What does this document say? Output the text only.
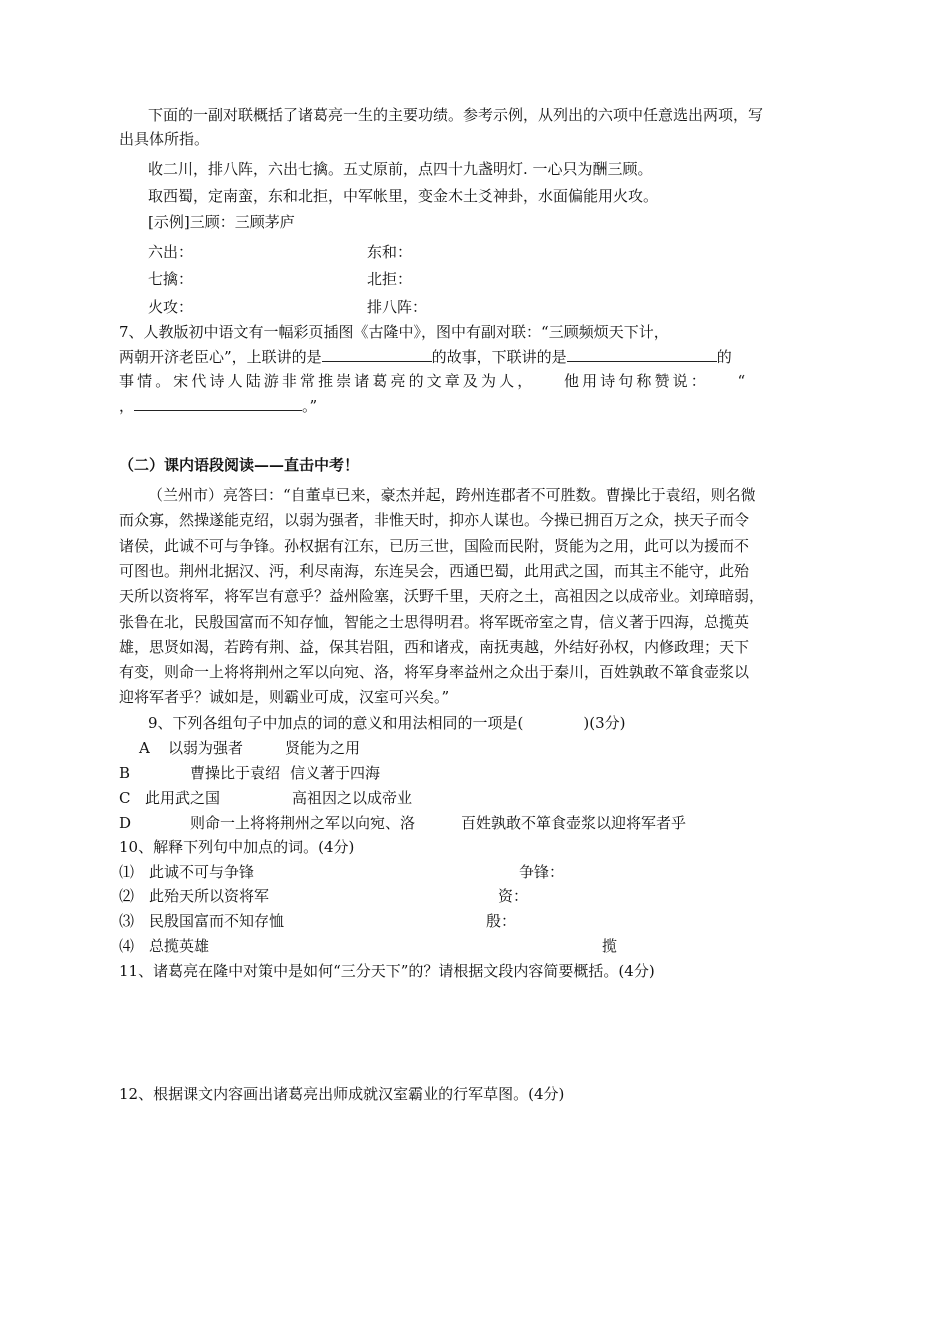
下面的一副对联概括了诸葛亮一生的主要功绩。参考示例，从列出的六项中任意选出两项，写
出具体所指。
收二川，排八阵，六出七擒。五丈原前，点四十九盏明灯. 一心只为酬三顾。
取西蜀，定南蛮，东和北拒，中军帐里，变金木土爻神卦，水面偏能用火攻。
[示例]三顾：三顾茅庐
六出：	东和：
七擒：	北拒：
火攻：	排八阵：
7、人教版初中语文有一幅彩页插图《古隆中》，图中有副对联：“三顾频烦天下计，
两朝开济老臣心”，上联讲的是	的故事，下联讲的是	的
事情。宋代诗人陆游非常推崇诸葛亮的文章及为人，　　他用诗句称赞说：　　“
，	。”
（二）课内语段阅读——直击中考！
（兰州市）亮答曰：“自董卓已来，豪杰并起，跨州连郡者不可胜数。曹操比于袁绍，则名微
而众寡，然操遂能克绍，以弱为强者，非惟天时，抑亦人谋也。今操已拥百万之众，挟天子而令
诸侯，此诚不可与争锋。孙权据有江东，已历三世，国险而民附，贤能为之用，此可以为援而不
可图也。荆州北据汉、沔，利尽南海，东连吴会，西通巴蜀，此用武之国，而其主不能守，此殆
天所以资将军，将军岂有意乎？益州险塞，沃野千里，天府之土，高祖因之以成帝业。刘璋暗弱，
张鲁在北，民殷国富而不知存恤，智能之士思得明君。将军既帝室之胄，信义著于四海，总揽英
雄，思贤如渴，若跨有荆、益，保其岩阻，西和诸戎，南抚夷越，外结好孙权，内修政理；天下
有变，则命一上将将荆州之军以向宛、洛，将军身率益州之众出于秦川，百姓孰敢不箪食壶浆以
迎将军者乎？诚如是，则霸业可成，汉室可兴矣。”
9、下列各组句子中加点的词的意义和用法相同的一项是(　　　　)(3分)
A 以弱为强者	贤能为之用
B	曹操比于袁绍 信义著于四海
C 此用武之国	高祖因之以成帝业
D	则命一上将将荆州之军以向宛、洛	百姓孰敢不箪食壶浆以迎将军者乎
10、解释下列句中加点的词。(4分)
⑴ 此诚不可与争锋	争锋：
⑵ 此殆天所以资将军	资：
⑶ 民殷国富而不知存恤	殷：
⑷ 总揽英雄	揽
11、诸葛亮在隆中对策中是如何“三分天下”的？请根据文段内容简要概括。(4分)
12、根据课文内容画出诸葛亮出师成就汉室霸业的行军草图。(4分)
